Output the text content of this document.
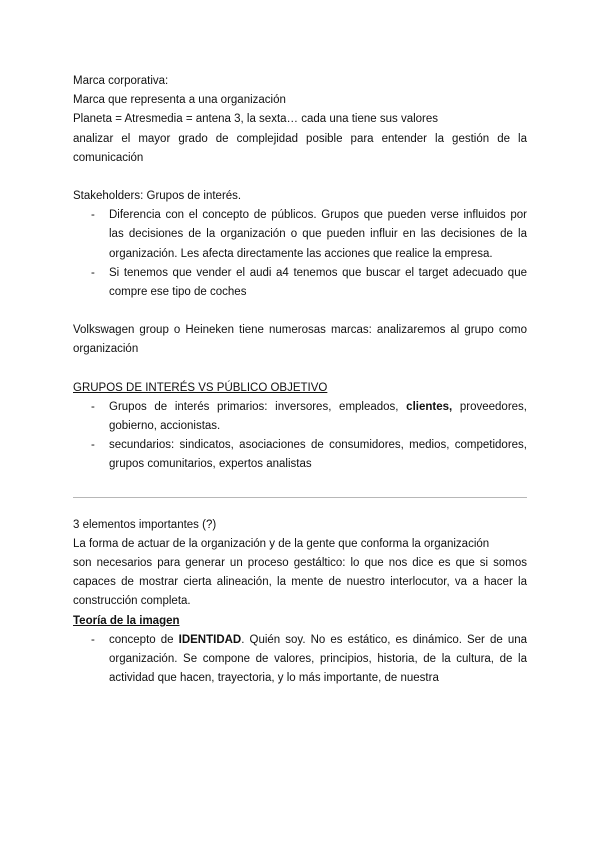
Marca corporativa:

Marca que representa a una organización

Planeta = Atresmedia = antena 3, la sexta… cada una tiene sus valores

analizar el mayor grado de complejidad posible para entender la gestión de la comunicación

Stakeholders: Grupos de interés.

- Diferencia con el concepto de públicos. Grupos que pueden verse influidos por las decisiones de la organización o que pueden influir en las decisiones de la organización. Les afecta directamente las acciones que realice la empresa.
- Si tenemos que vender el audi a4 tenemos que buscar el target adecuado que compre ese tipo de coches

Volkswagen group o Heineken tiene numerosas marcas: analizaremos al grupo como organización

GRUPOS DE INTERÉS VS PÚBLICO OBJETIVO

- Grupos de interés primarios: inversores, empleados, clientes, proveedores, gobierno, accionistas.
- secundarios: sindicatos, asociaciones de consumidores, medios, competidores, grupos comunitarios, expertos analistas

3 elementos importantes (?)

La forma de actuar de la organización y de la gente que conforma la organización

son necesarios para generar un proceso gestáltico: lo que nos dice es que si somos capaces de mostrar cierta alineación, la mente de nuestro interlocutor, va a hacer la construcción completa.

Teoría de la imagen

- concepto de IDENTIDAD. Quién soy. No es estático, es dinámico. Ser de una organización. Se compone de valores, principios, historia, de la cultura, de la actividad que hacen, trayectoria, y lo más importante, de nuestra
